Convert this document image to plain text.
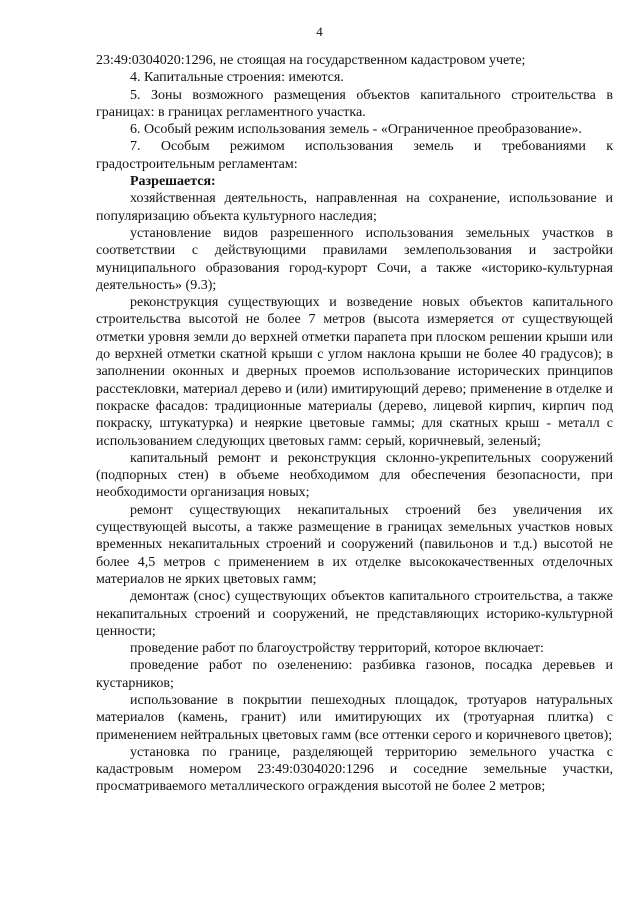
4

23:49:0304020:1296, не стоящая на государственном кадастровом учете;

4. Капитальные строения: имеются.

5. Зоны возможного размещения объектов капитального строительства в границах: в границах регламентного участка.

6. Особый режим использования земель - «Ограниченное преобразование».

7. Особым режимом использования земель и требованиями к градостроительным регламентам:

Разрешается:

хозяйственная деятельность, направленная на сохранение, использование и популяризацию объекта культурного наследия;

установление видов разрешенного использования земельных участков в соответствии с действующими правилами землепользования и застройки муниципального образования город-курорт Сочи, а также «историко-культурная деятельность» (9.3);

реконструкция существующих и возведение новых объектов капитального строительства высотой не более 7 метров (высота измеряется от существующей отметки уровня земли до верхней отметки парапета при плоском решении крыши или до верхней отметки скатной крыши с углом наклона крыши не более 40 градусов); в заполнении оконных и дверных проемов использование исторических принципов расстекловки, материал дерево и (или) имитирующий дерево; применение в отделке и покраске фасадов: традиционные материалы (дерево, лицевой кирпич, кирпич под покраску, штукатурка) и неяркие цветовые гаммы; для скатных крыш - металл с использованием следующих цветовых гамм: серый, коричневый, зеленый;

капитальный ремонт и реконструкция склонно-укрепительных сооружений (подпорных стен) в объеме необходимом для обеспечения безопасности, при необходимости организация новых;

ремонт существующих некапитальных строений без увеличения их существующей высоты, а также размещение в границах земельных участков новых временных некапитальных строений и сооружений (павильонов и т.д.) высотой не более 4,5 метров с применением в их отделке высококачественных отделочных материалов не ярких цветовых гамм;

демонтаж (снос) существующих объектов капитального строительства, а также некапитальных строений и сооружений, не представляющих историко-культурной ценности;

проведение работ по благоустройству территорий, которое включает:

проведение работ по озеленению: разбивка газонов, посадка деревьев и кустарников;

использование в покрытии пешеходных площадок, тротуаров натуральных материалов (камень, гранит) или имитирующих их (тротуарная плитка) с применением нейтральных цветовых гамм (все оттенки серого и коричневого цветов);

установка по границе, разделяющей территорию земельного участка с кадастровым номером 23:49:0304020:1296 и соседние земельные участки, просматриваемого металлического ограждения высотой не более 2 метров;
